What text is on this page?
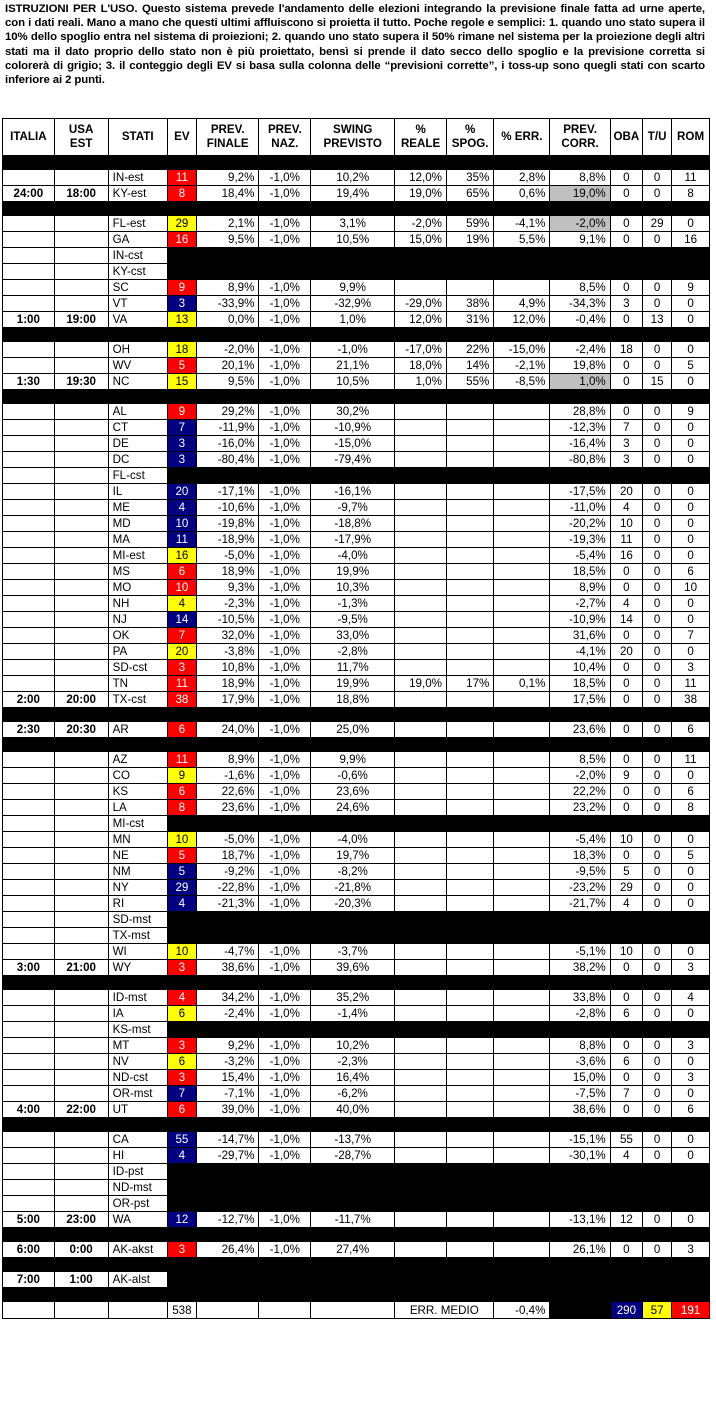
ISTRUZIONI PER L'USO. Questo sistema prevede l'andamento delle elezioni integrando la previsione finale fatta ad urne aperte, con i dati reali. Mano a mano che questi ultimi affluiscono si proietta il tutto. Poche regole e semplici: 1. quando uno stato supera il 10% dello spoglio entra nel sistema di proiezioni; 2. quando uno stato supera il 50% rimane nel sistema per la proiezione degli altri stati ma il dato proprio dello stato non è più proiettato, bensì si prende il dato secco dello spoglio e la previsione corretta si colorerà di grigio; 3. il conteggio degli EV si basa sulla colonna delle “previsioni corrette”, i toss-up sono quegli stati con scarto inferiore ai 2 punti.
ITALIA	USA EST	STATI	EV	PREV. FINALE	PREV. NAZ.	SWING PREVISTO	% REALE	% SPOG.	% ERR.	PREV. CORR.	OBA	T/U	ROM

		IN-est	11	9,2%	-1,0%	10,2%	12,0%	35%	2,8%	8,8%	0	0	11
24:00	18:00	KY-est	8	18,4%	-1,0%	19,4%	19,0%	65%	0,6%	19,0%	0	0	8

		FL-est	29	2,1%	-1,0%	3,1%	-2,0%	59%	-4,1%	-2,0%	0	29	0
		GA	16	9,5%	-1,0%	10,5%	15,0%	19%	5,5%	9,1%	0	0	16
		IN-cst											
		KY-cst											
		SC	9	8,9%	-1,0%	9,9%				8,5%	0	0	9
		VT	3	-33,9%	-1,0%	-32,9%	-29,0%	38%	4,9%	-34,3%	3	0	0
1:00	19:00	VA	13	0,0%	-1,0%	1,0%	12,0%	31%	12,0%	-0,4%	0	13	0

		OH	18	-2,0%	-1,0%	-1,0%	-17,0%	22%	-15,0%	-2,4%	18	0	0
		WV	5	20,1%	-1,0%	21,1%	18,0%	14%	-2,1%	19,8%	0	0	5
1:30	19:30	NC	15	9,5%	-1,0%	10,5%	1,0%	55%	-8,5%	1,0%	0	15	0

		AL	9	29,2%	-1,0%	30,2%				28,8%	0	0	9
		CT	7	-11,9%	-1,0%	-10,9%				-12,3%	7	0	0
		DE	3	-16,0%	-1,0%	-15,0%				-16,4%	3	0	0
		DC	3	-80,4%	-1,0%	-79,4%				-80,8%	3	0	0
		FL-cst											
		IL	20	-17,1%	-1,0%	-16,1%				-17,5%	20	0	0
		ME	4	-10,6%	-1,0%	-9,7%				-11,0%	4	0	0
		MD	10	-19,8%	-1,0%	-18,8%				-20,2%	10	0	0
		MA	11	-18,9%	-1,0%	-17,9%				-19,3%	11	0	0
		MI-est	16	-5,0%	-1,0%	-4,0%				-5,4%	16	0	0
		MS	6	18,9%	-1,0%	19,9%				18,5%	0	0	6
		MO	10	9,3%	-1,0%	10,3%				8,9%	0	0	10
		NH	4	-2,3%	-1,0%	-1,3%				-2,7%	4	0	0
		NJ	14	-10,5%	-1,0%	-9,5%				-10,9%	14	0	0
		OK	7	32,0%	-1,0%	33,0%				31,6%	0	0	7
		PA	20	-3,8%	-1,0%	-2,8%				-4,1%	20	0	0
		SD-cst	3	10,8%	-1,0%	11,7%				10,4%	0	0	3
		TN	11	18,9%	-1,0%	19,9%	19,0%	17%	0,1%	18,5%	0	0	11
2:00	20:00	TX-cst	38	17,9%	-1,0%	18,8%				17,5%	0	0	38

2:30	20:30	AR	6	24,0%	-1,0%	25,0%				23,6%	0	0	6

		AZ	11	8,9%	-1,0%	9,9%				8,5%	0	0	11
		CO	9	-1,6%	-1,0%	-0,6%				-2,0%	9	0	0
		KS	6	22,6%	-1,0%	23,6%				22,2%	0	0	6
		LA	8	23,6%	-1,0%	24,6%				23,2%	0	0	8
		MI-cst											
		MN	10	-5,0%	-1,0%	-4,0%				-5,4%	10	0	0
		NE	5	18,7%	-1,0%	19,7%				18,3%	0	0	5
		NM	5	-9,2%	-1,0%	-8,2%				-9,5%	5	0	0
		NY	29	-22,8%	-1,0%	-21,8%				-23,2%	29	0	0
		RI	4	-21,3%	-1,0%	-20,3%				-21,7%	4	0	0
		SD-mst											
		TX-mst											
		WI	10	-4,7%	-1,0%	-3,7%				-5,1%	10	0	0
3:00	21:00	WY	3	38,6%	-1,0%	39,6%				38,2%	0	0	3

		ID-mst	4	34,2%	-1,0%	35,2%				33,8%	0	0	4
		IA	6	-2,4%	-1,0%	-1,4%				-2,8%	6	0	0
		KS-mst											
		MT	3	9,2%	-1,0%	10,2%				8,8%	0	0	3
		NV	6	-3,2%	-1,0%	-2,3%				-3,6%	6	0	0
		ND-cst	3	15,4%	-1,0%	16,4%				15,0%	0	0	3
		OR-mst	7	-7,1%	-1,0%	-6,2%				-7,5%	7	0	0
4:00	22:00	UT	6	39,0%	-1,0%	40,0%				38,6%	0	0	6

		CA	55	-14,7%	-1,0%	-13,7%				-15,1%	55	0	0
		HI	4	-29,7%	-1,0%	-28,7%				-30,1%	4	0	0
		ID-pst											
		ND-mst											
		OR-pst											
5:00	23:00	WA	12	-12,7%	-1,0%	-11,7%				-13,1%	12	0	0

6:00	0:00	AK-akst	3	26,4%	-1,0%	27,4%				26,1%	0	0	3

7:00	1:00	AK-alst											

			538				ERR. MEDIO		-0,4%		290	57	191
